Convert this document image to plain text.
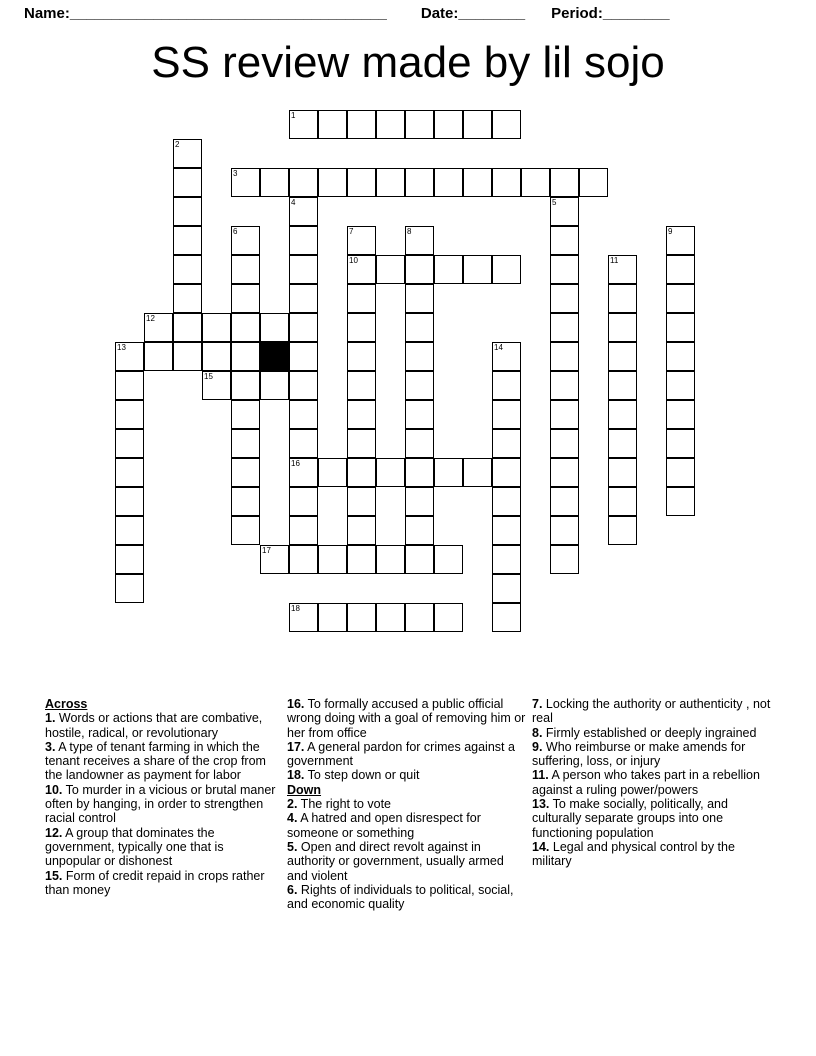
Name: ______________________________________ Date: ________ Period: ________
SS review made by lil sojo
1
2
3
4	5
6	7	8	9
10	11
12
13	14
15
16
17
18
Across
1. Words or actions that are combative, hostile, radical, or revolutionary
3. A type of tenant farming in which the tenant receives a share of the crop from the landowner as payment for labor
10. To murder in a vicious or brutal maner often by hanging, in order to strengthen racial control
12. A group that dominates the government, typically one that is unpopular or dishonest
15. Form of credit repaid in crops rather than money
16. To formally accused a public official wrong doing with a goal of removing him or her from office
17. A general pardon for crimes against a government
18. To step down or quit
Down
2. The right to vote
4. A hatred and open disrespect for someone or something
5. Open and direct revolt against in authority or government, usually armed and violent
6. Rights of individuals to political, social, and economic quality
7. Locking the authority or authenticity , not real
8. Firmly established or deeply ingrained
9. Who reimburse or make amends for suffering, loss, or injury
11. A person who takes part in a rebellion against a ruling power/powers
13. To make socially, politically, and culturally separate groups into one functioning population
14. Legal and physical control by the military
